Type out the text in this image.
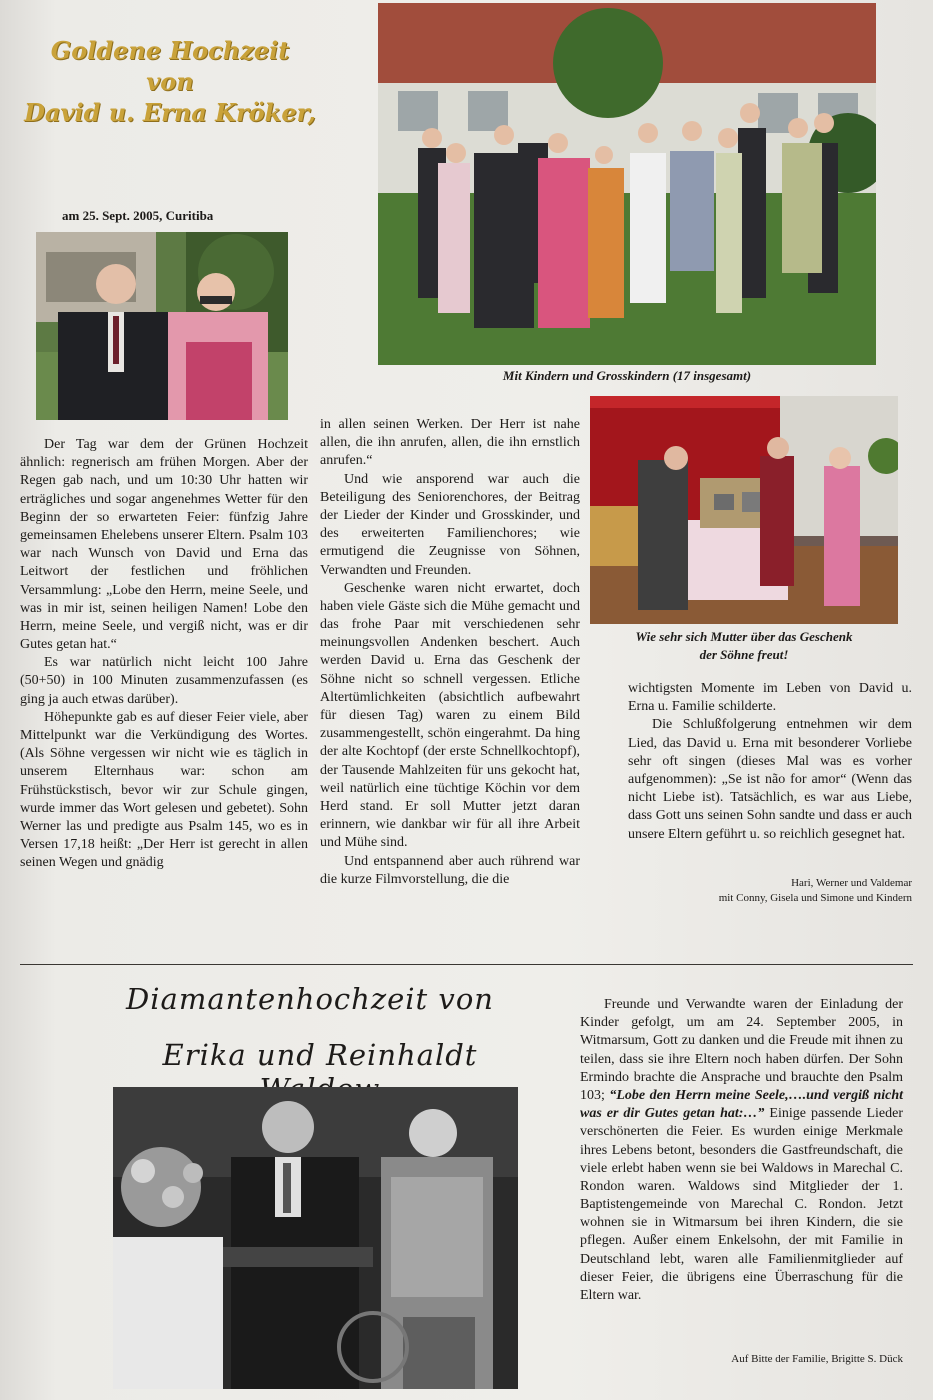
Goldene Hochzeit
von
David u. Erna Kröker,
am 25. Sept. 2005, Curitiba
Mit Kindern und Grosskindern (17 insgesamt)
Wie sehr sich Mutter über das Geschenk
der Söhne freut!

Der Tag war dem der Grünen Hochzeit ähnlich: regnerisch am frühen Morgen. Aber der Regen gab nach, und um 10:30 Uhr hatten wir erträgliches und sogar angenehmes Wetter für den Beginn der so erwarteten Feier: fünfzig Jahre gemeinsamen Ehelebens unserer Eltern. Psalm 103 war nach Wunsch von David und Erna das Leitwort der festlichen und fröhlichen Versammlung: „Lobe den Herrn, meine Seele, und was in mir ist, seinen heiligen Namen! Lobe den Herrn, meine Seele, und vergiß nicht, was er dir Gutes getan hat.“

Es war natürlich nicht leicht 100 Jahre (50+50) in 100 Minuten zusammenzufassen (es ging ja auch etwas darüber).

Höhepunkte gab es auf dieser Feier viele, aber Mittelpunkt war die Verkündigung des Wortes. (Als Söhne vergessen wir nicht wie es täglich in unserem Elternhaus war: schon am Frühstückstisch, bevor wir zur Schule gingen, wurde immer das Wort gelesen und gebetet). Sohn Werner las und predigte aus Psalm 145, wo es in Versen 17,18 heißt: „Der Herr ist gerecht in allen seinen Wegen und gnädig

in allen seinen Werken. Der Herr ist nahe allen, die ihn anrufen, allen, die ihn ernstlich anrufen.“

Und wie ansporend war auch die Beteiligung des Seniorenchores, der Beitrag der Lieder der Kinder und Grosskinder, und des erweiterten Familienchores; wie ermutigend die Zeugnisse von Söhnen, Verwandten und Freunden.

Geschenke waren nicht erwartet, doch haben viele Gäste sich die Mühe gemacht und das frohe Paar mit verschiedenen sehr meinungsvollen Andenken beschert. Auch werden David u. Erna das Geschenk der Söhne nicht so schnell vergessen. Etliche Altertümlichkeiten (absichtlich aufbewahrt für diesen Tag) waren zu einem Bild zusammengestellt, schön eingerahmt. Da hing der alte Kochtopf (der erste Schnellkochtopf), der Tausende Mahlzeiten für uns gekocht hat, weil natürlich eine tüchtige Köchin vor dem Herd stand. Er soll Mutter jetzt daran erinnern, wie dankbar wir für all ihre Arbeit und Mühe sind.

Und entspannend aber auch rührend war die kurze Filmvorstellung, die die

wichtigsten Momente im Leben von David u. Erna u. Familie schilderte.

Die Schlußfolgerung entnehmen wir dem Lied, das David u. Erna mit besonderer Vorliebe sehr oft singen (dieses Mal was es vorher aufgenommen): „Se ist não for amor“ (Wenn das nicht Liebe ist). Tatsächlich, es war aus Liebe, dass Gott uns seinen Sohn sandte und dass er auch unsere Eltern geführt u. so reichlich gesegnet hat.

Hari, Werner und Valdemar
mit Conny, Gisela und Simone und Kindern
Diamantenhochzeit von
Erika und Reinhaldt

Freunde und Verwandte waren der Einladung der Kinder gefolgt, um am 24. September 2005, in Witmarsum, Gott zu danken und die Freude mit ihnen zu teilen, dass sie ihre Eltern noch haben dürfen. Der Sohn Ermindo brachte die Ansprache und brauchte den Psalm 103; “Lobe den Herrn meine Seele,….und vergiß nicht was er dir Gutes getan hat:…” Einige passende Lieder verschönerten die Feier. Es wurden einige Merkmale ihres Lebens betont, besonders die Gastfreundschaft, die viele erlebt haben wenn sie bei Waldows in Marechal C. Rondon waren. Waldows sind Mitglieder der 1. Baptistengemeinde von Marechal C. Rondon. Jetzt wohnen sie in Witmarsum bei ihren Kindern, die sie pflegen. Außer einem Enkelsohn, der mit Familie in Deutschland lebt, waren alle Familienmitglieder auf dieser Feier, die übrigens eine Überraschung für die Eltern war.

Auf Bitte der Familie, Brigitte S. Dück
